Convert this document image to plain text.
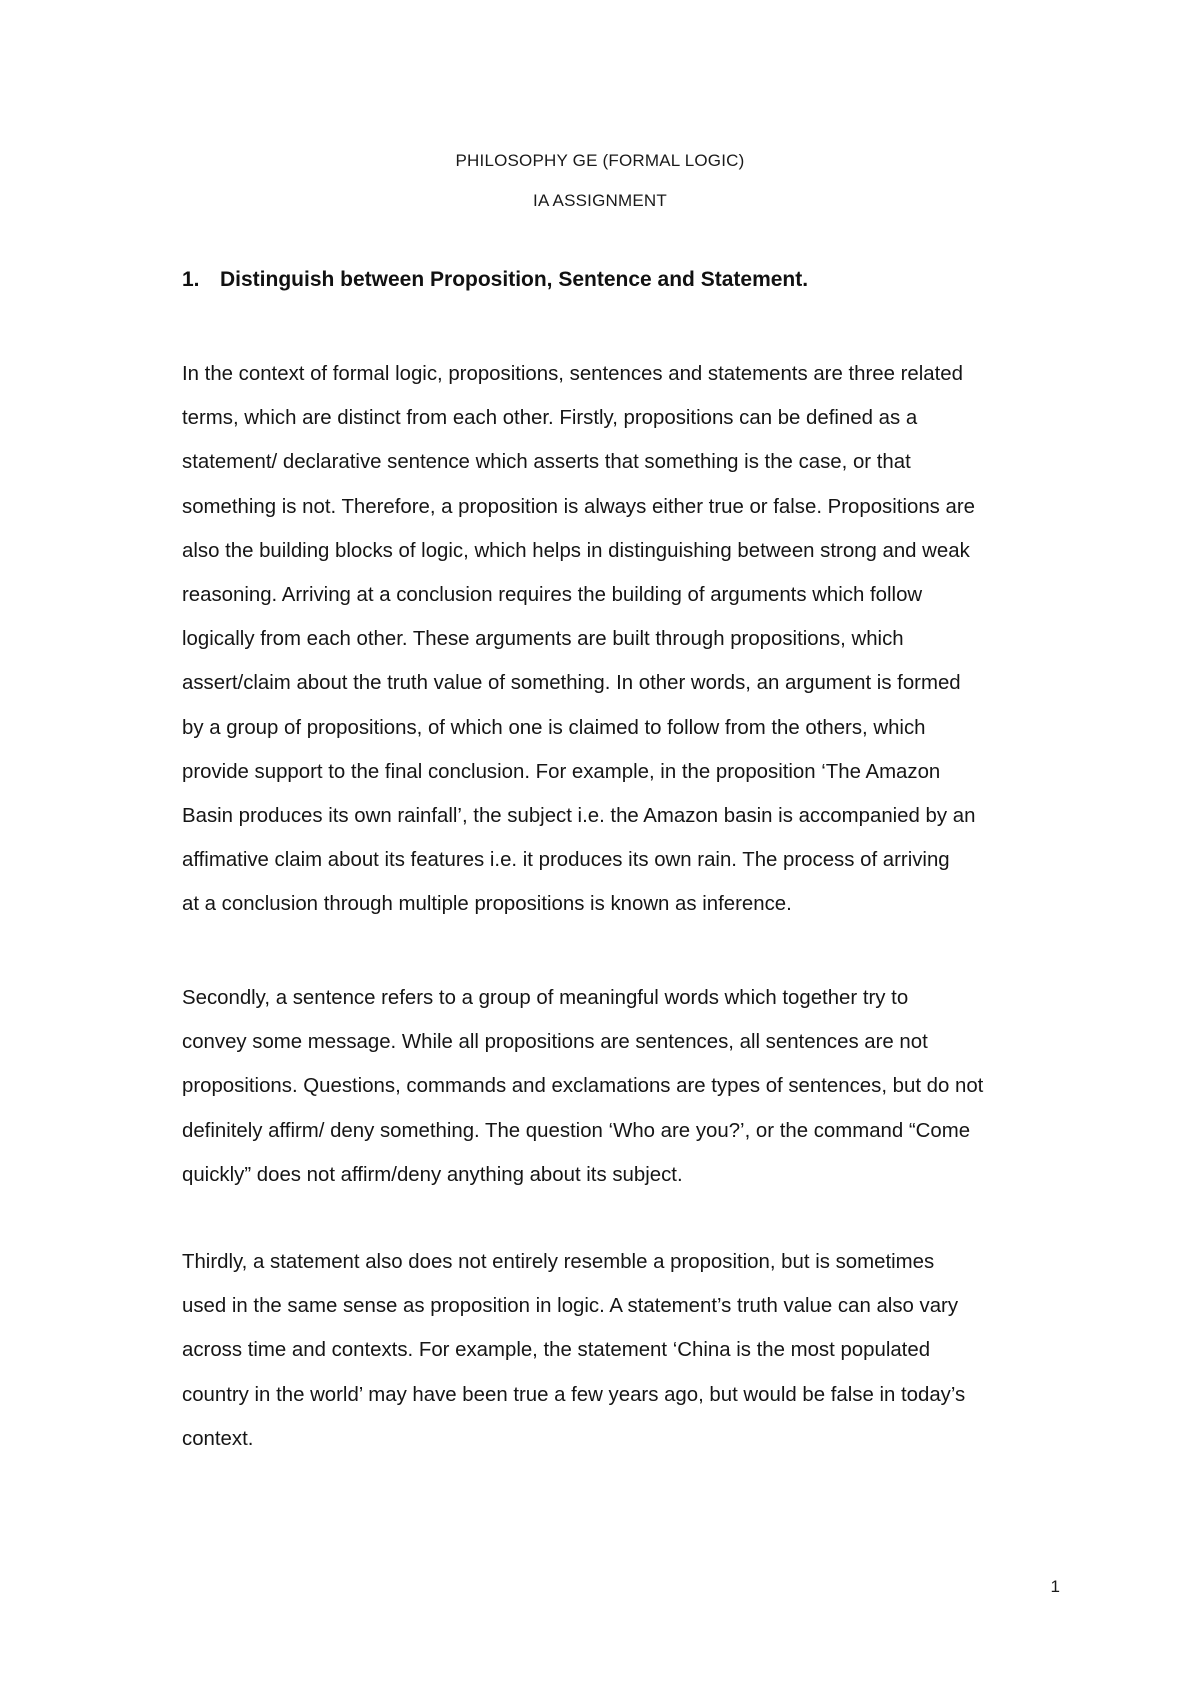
PHILOSOPHY GE (FORMAL LOGIC)
IA ASSIGNMENT
1. Distinguish between Proposition, Sentence and Statement.
In the context of formal logic, propositions, sentences and statements are three related
terms, which are distinct from each other. Firstly, propositions can be defined as a
statement/ declarative sentence which asserts that something is the case, or that
something is not. Therefore, a proposition is always either true or false. Propositions are
also the building blocks of logic, which helps in distinguishing between strong and weak
reasoning. Arriving at a conclusion requires the building of arguments which follow
logically from each other. These arguments are built through propositions, which
assert/claim about the truth value of something. In other words, an argument is formed
by a group of propositions, of which one is claimed to follow from the others, which
provide support to the final conclusion. For example, in the proposition ‘The Amazon
Basin produces its own rainfall’, the subject i.e. the Amazon basin is accompanied by an
affimative claim about its features i.e. it produces its own rain. The process of arriving
at a conclusion through multiple propositions is known as inference.
Secondly, a sentence refers to a group of meaningful words which together try to
convey some message. While all propositions are sentences, all sentences are not
propositions. Questions, commands and exclamations are types of sentences, but do not
definitely affirm/ deny something. The question ‘Who are you?’, or the command “Come
quickly” does not affirm/deny anything about its subject.
Thirdly, a statement also does not entirely resemble a proposition, but is sometimes
used in the same sense as proposition in logic. A statement’s truth value can also vary
across time and contexts. For example, the statement ‘China is the most populated
country in the world’ may have been true a few years ago, but would be false in today’s
context.
1
